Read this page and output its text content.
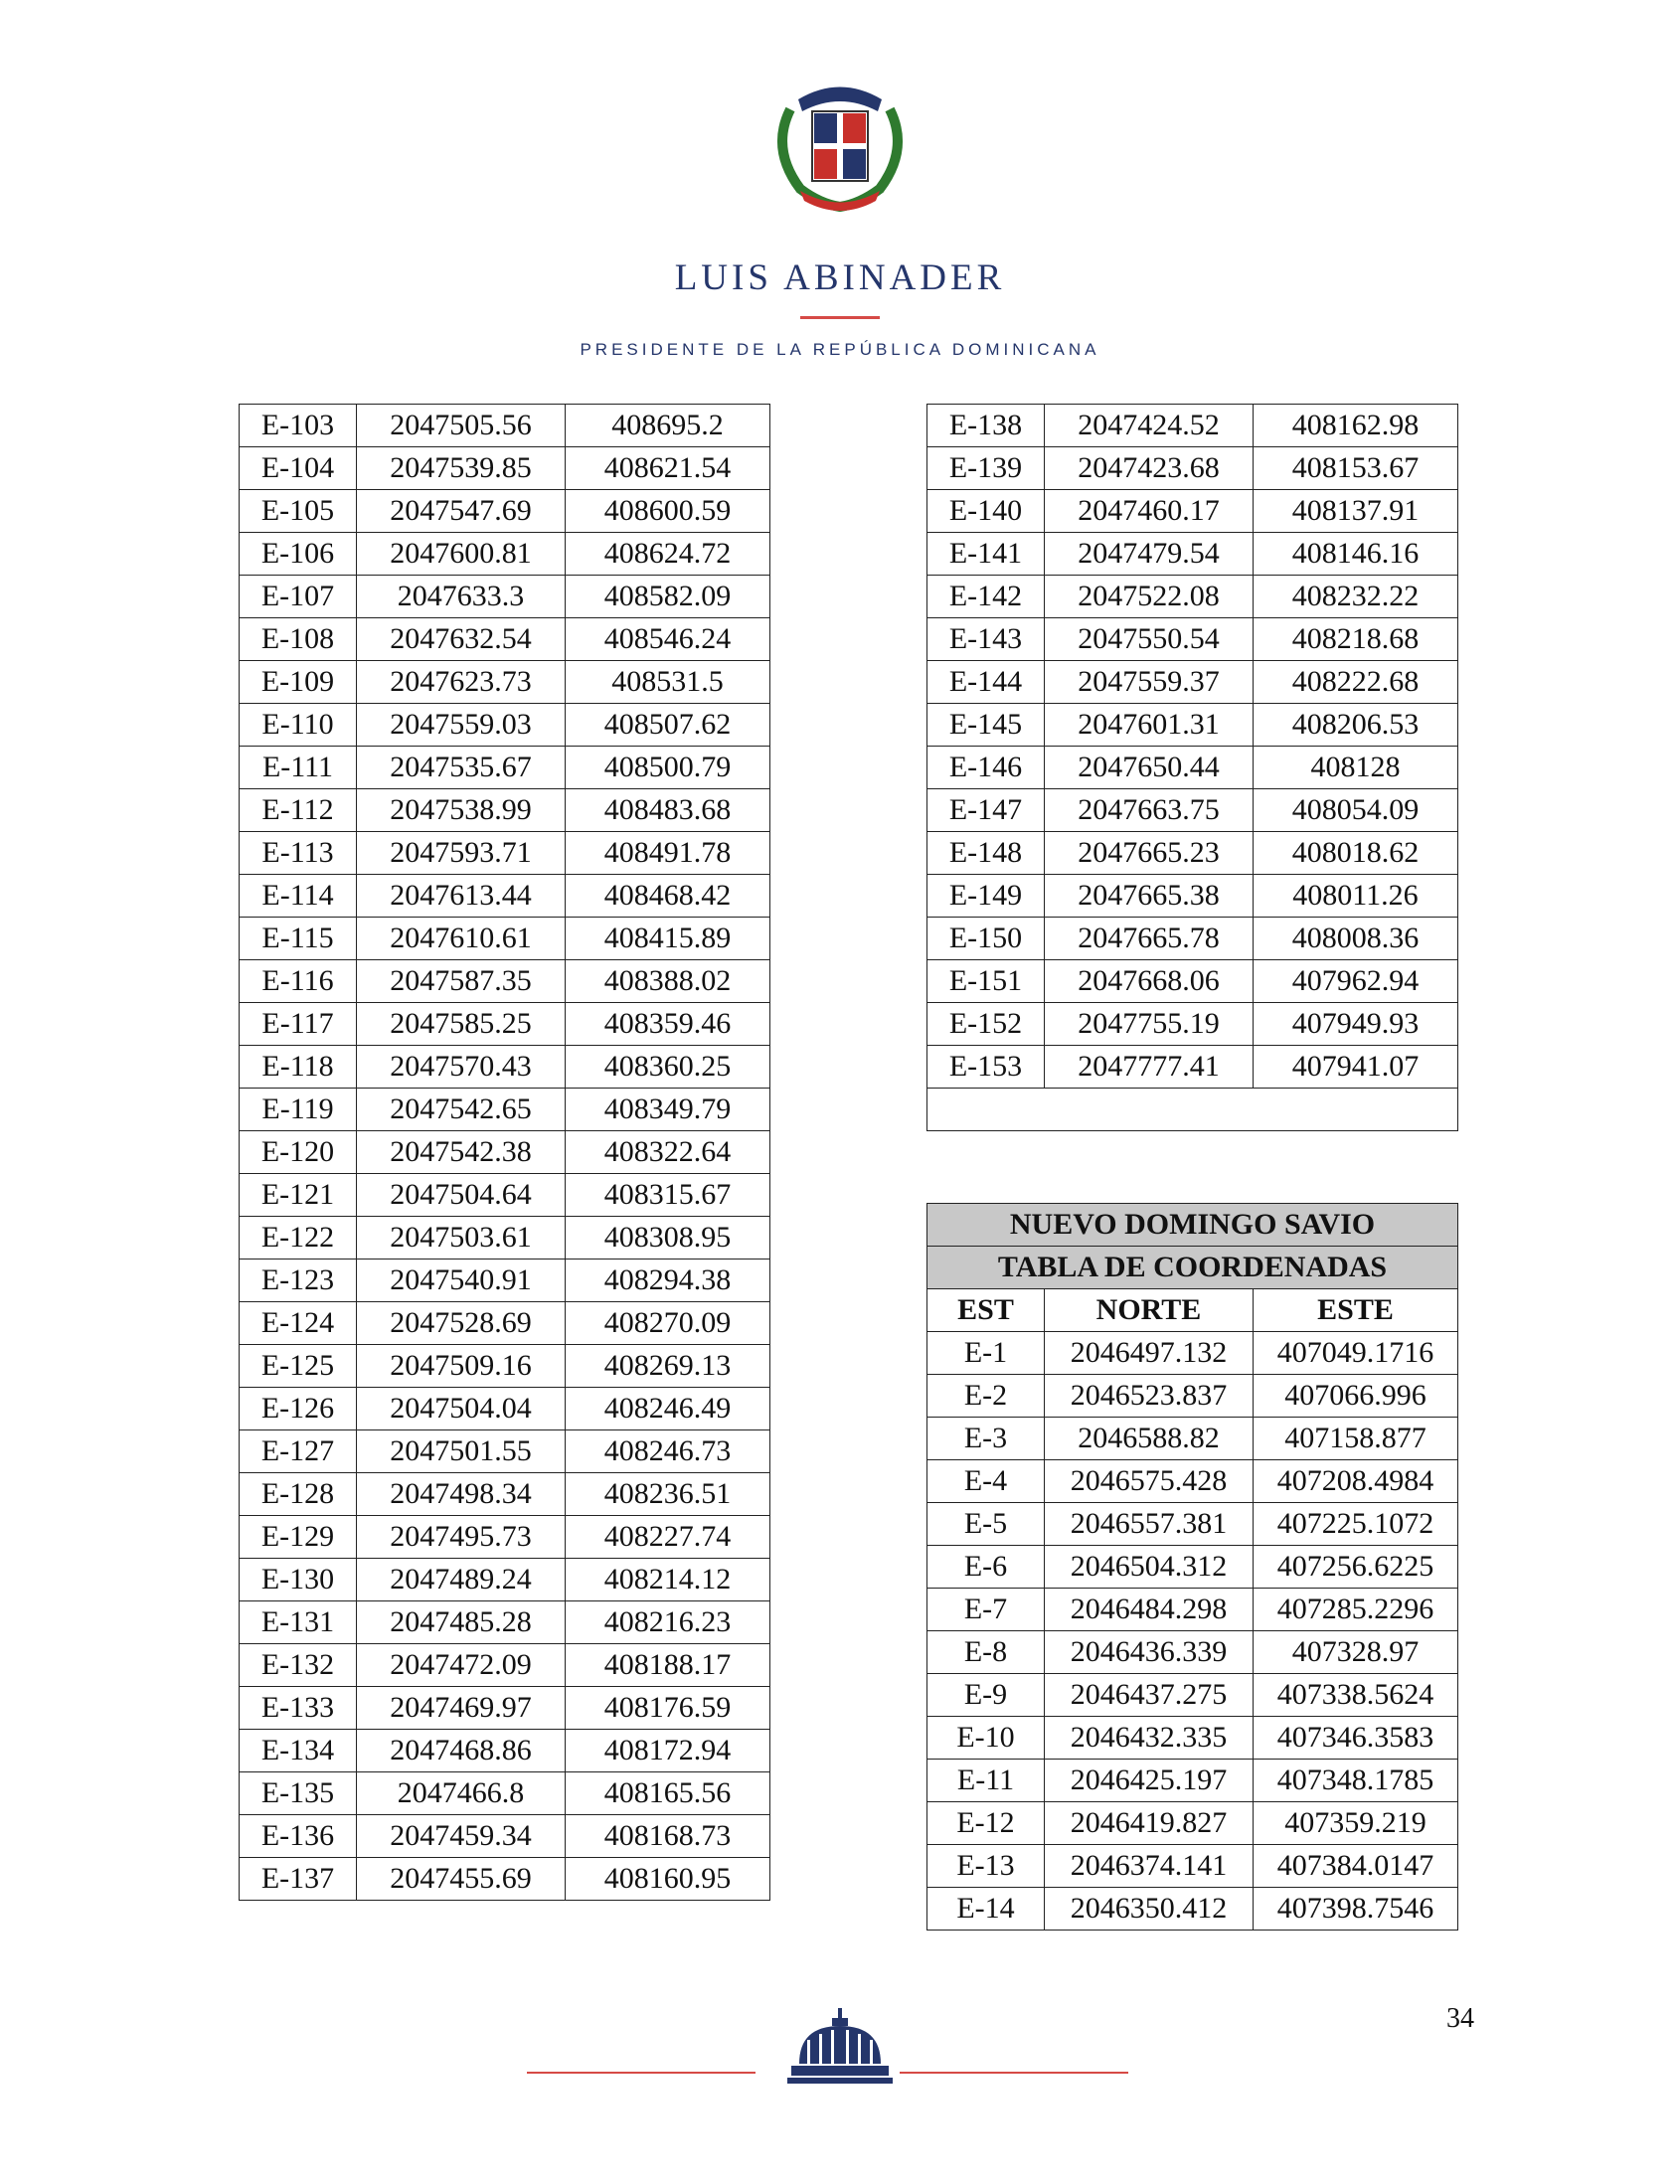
LUIS ABINADER
PRESIDENTE DE LA REPÚBLICA DOMINICANA
E-103	2047505.56	408695.2
E-104	2047539.85	408621.54
E-105	2047547.69	408600.59
E-106	2047600.81	408624.72
E-107	2047633.3	408582.09
E-108	2047632.54	408546.24
E-109	2047623.73	408531.5
E-110	2047559.03	408507.62
E-111	2047535.67	408500.79
E-112	2047538.99	408483.68
E-113	2047593.71	408491.78
E-114	2047613.44	408468.42
E-115	2047610.61	408415.89
E-116	2047587.35	408388.02
E-117	2047585.25	408359.46
E-118	2047570.43	408360.25
E-119	2047542.65	408349.79
E-120	2047542.38	408322.64
E-121	2047504.64	408315.67
E-122	2047503.61	408308.95
E-123	2047540.91	408294.38
E-124	2047528.69	408270.09
E-125	2047509.16	408269.13
E-126	2047504.04	408246.49
E-127	2047501.55	408246.73
E-128	2047498.34	408236.51
E-129	2047495.73	408227.74
E-130	2047489.24	408214.12
E-131	2047485.28	408216.23
E-132	2047472.09	408188.17
E-133	2047469.97	408176.59
E-134	2047468.86	408172.94
E-135	2047466.8	408165.56
E-136	2047459.34	408168.73
E-137	2047455.69	408160.95
E-138	2047424.52	408162.98
E-139	2047423.68	408153.67
E-140	2047460.17	408137.91
E-141	2047479.54	408146.16
E-142	2047522.08	408232.22
E-143	2047550.54	408218.68
E-144	2047559.37	408222.68
E-145	2047601.31	408206.53
E-146	2047650.44	408128
E-147	2047663.75	408054.09
E-148	2047665.23	408018.62
E-149	2047665.38	408011.26
E-150	2047665.78	408008.36
E-151	2047668.06	407962.94
E-152	2047755.19	407949.93
E-153	2047777.41	407941.07

NUEVO DOMINGO SAVIO		
TABLA DE COORDENADAS		
EST	NORTE	ESTE
E-1	2046497.132	407049.1716
E-2	2046523.837	407066.996
E-3	2046588.82	407158.877
E-4	2046575.428	407208.4984
E-5	2046557.381	407225.1072
E-6	2046504.312	407256.6225
E-7	2046484.298	407285.2296
E-8	2046436.339	407328.97
E-9	2046437.275	407338.5624
E-10	2046432.335	407346.3583
E-11	2046425.197	407348.1785
E-12	2046419.827	407359.219
E-13	2046374.141	407384.0147
E-14	2046350.412	407398.7546
34
